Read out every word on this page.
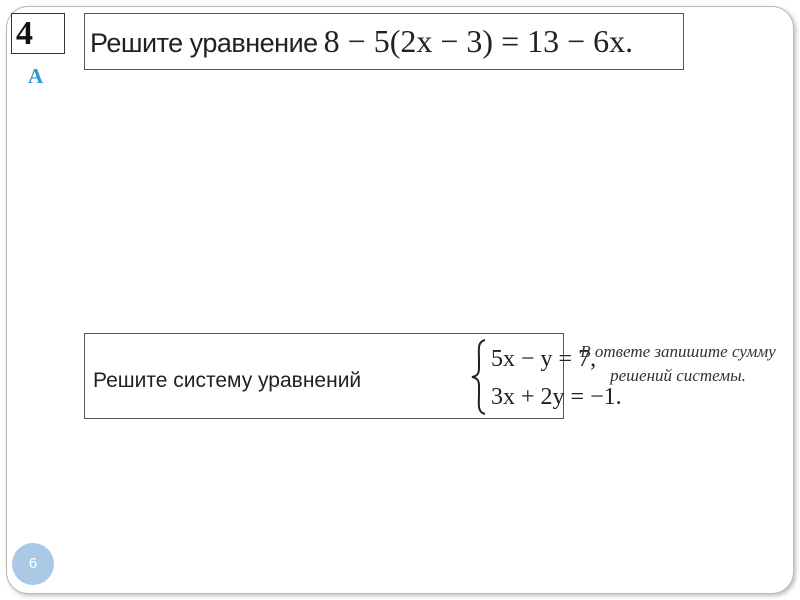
4
А
Решите уравнение 8 − 5(2x − 3) = 13 − 6x.
Решите систему уравнений
5x − y = 7,
3x + 2y = −1.
В ответе запишите сумму решений системы.
6
